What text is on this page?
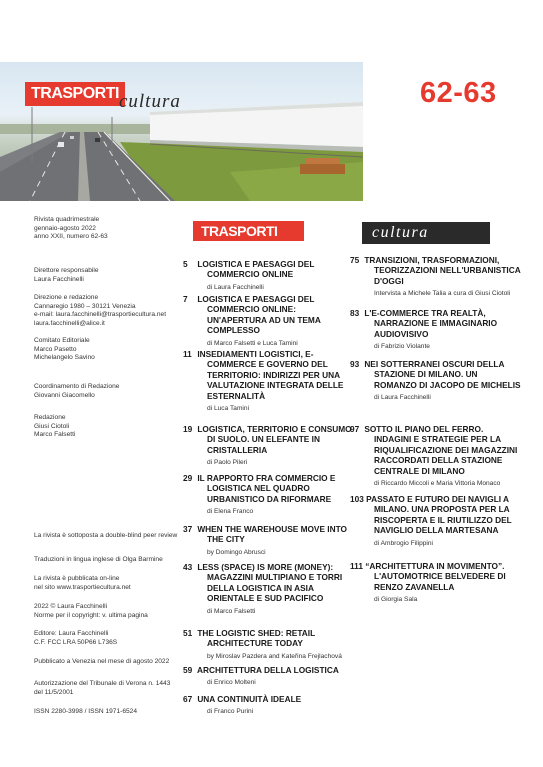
TRASPORTI cultura	62-63

Rivista quadrimestrale

gennaio-agosto 2022

anno XXII, numero 62-63

Direttore responsabile

Laura Facchinelli

Direzione e redazione

Cannaregio 1980 – 30121 Venezia

e-mail: laura.facchinelli@trasportiecultura.net

laura.facchinelli@alice.it

Comitato Editoriale

Marco Pasetto

Michelangelo Savino

Coordinamento di Redazione

Giovanni Giacomello

Redazione

Giusi Ciotoli

Marco Falsetti

La rivista è sottoposta a double-blind peer review

Traduzioni in lingua inglese di Olga Barmine

La rivista è pubblicata on-line

nel sito www.trasportiecultura.net

2022 © Laura Facchinelli

Norme per il copyright: v. ultima pagina

Editore: Laura Facchinelli

C.F. FCC LRA 50P66 L736S

Pubblicato a Venezia nel mese di agosto 2022

Autorizzazione del Tribunale di Verona n. 1443

del 11/5/2001

ISSN 2280-3998 / ISSN 1971-6524

TRASPORTI	cultura
5 LOGISTICA E PAESAGGI DEL COMMERCIO ONLINE
di Laura Facchinelli
7 LOGISTICA E PAESAGGI DEL COMMERCIO ONLINE: UN'APERTURA AD UN TEMA COMPLESSO
di Marco Falsetti e Luca Tamini
11 INSEDIAMENTI LOGISTICI, E-COMMERCE E GOVERNO DEL TERRITORIO: INDIRIZZI PER UNA VALUTAZIONE INTEGRATA DELLE ESTERNALITÀ
di Luca Tamini
19 LOGISTICA, TERRITORIO E CONSUMO DI SUOLO. UN ELEFANTE IN CRISTALLERIA
di Paolo Pileri
29 IL RAPPORTO FRA COMMERCIO E LOGISTICA NEL QUADRO URBANISTICO DA RIFORMARE
di Elena Franco
37 WHEN THE WAREHOUSE MOVE INTO THE CITY
by Domingo Abrusci
43 LESS (SPACE) IS MORE (MONEY): MAGAZZINI MULTIPIANO E TORRI DELLA LOGISTICA IN ASIA ORIENTALE E SUD PACIFICO
di Marco Falsetti
51 THE LOGISTIC SHED: RETAIL ARCHITECTURE TODAY
by Miroslav Pazdera and Kateřina Frejlachová
59 ARCHITETTURA DELLA LOGISTICA
di Enrico Molteni
67 UNA CONTINUITÀ IDEALE
di Franco Purini
75 TRANSIZIONI, TRASFORMAZIONI, TEORIZZAZIONI NELL'URBANISTICA D'OGGI
Intervista a Michele Talia a cura di Giusi Ciotoli
83 L'E-COMMERCE TRA REALTÀ, NARRAZIONE E IMMAGINARIO AUDIOVISIVO
di Fabrizio Violante
93 NEI SOTTERRANEI OSCURI DELLA STAZIONE DI MILANO. UN ROMANZO DI JACOPO DE MICHELIS
di Laura Facchinelli
97 SOTTO IL PIANO DEL FERRO. INDAGINI E STRATEGIE PER LA RIQUALIFICAZIONE DEI MAGAZZINI RACCORDATI DELLA STAZIONE CENTRALE DI MILANO
di Riccardo Miccoli e Maria Vittoria Monaco
103 PASSATO E FUTURO DEI NAVIGLI A MILANO. UNA PROPOSTA PER LA RISCOPERTA E IL RIUTILIZZO DEL NAVIGLIO DELLA MARTESANA
di Ambrogio Filippini
111 “ARCHITETTURA IN MOVIMENTO”. L'AUTOMOTRICE BELVEDERE DI RENZO ZAVANELLA
di Giorgia Sala
